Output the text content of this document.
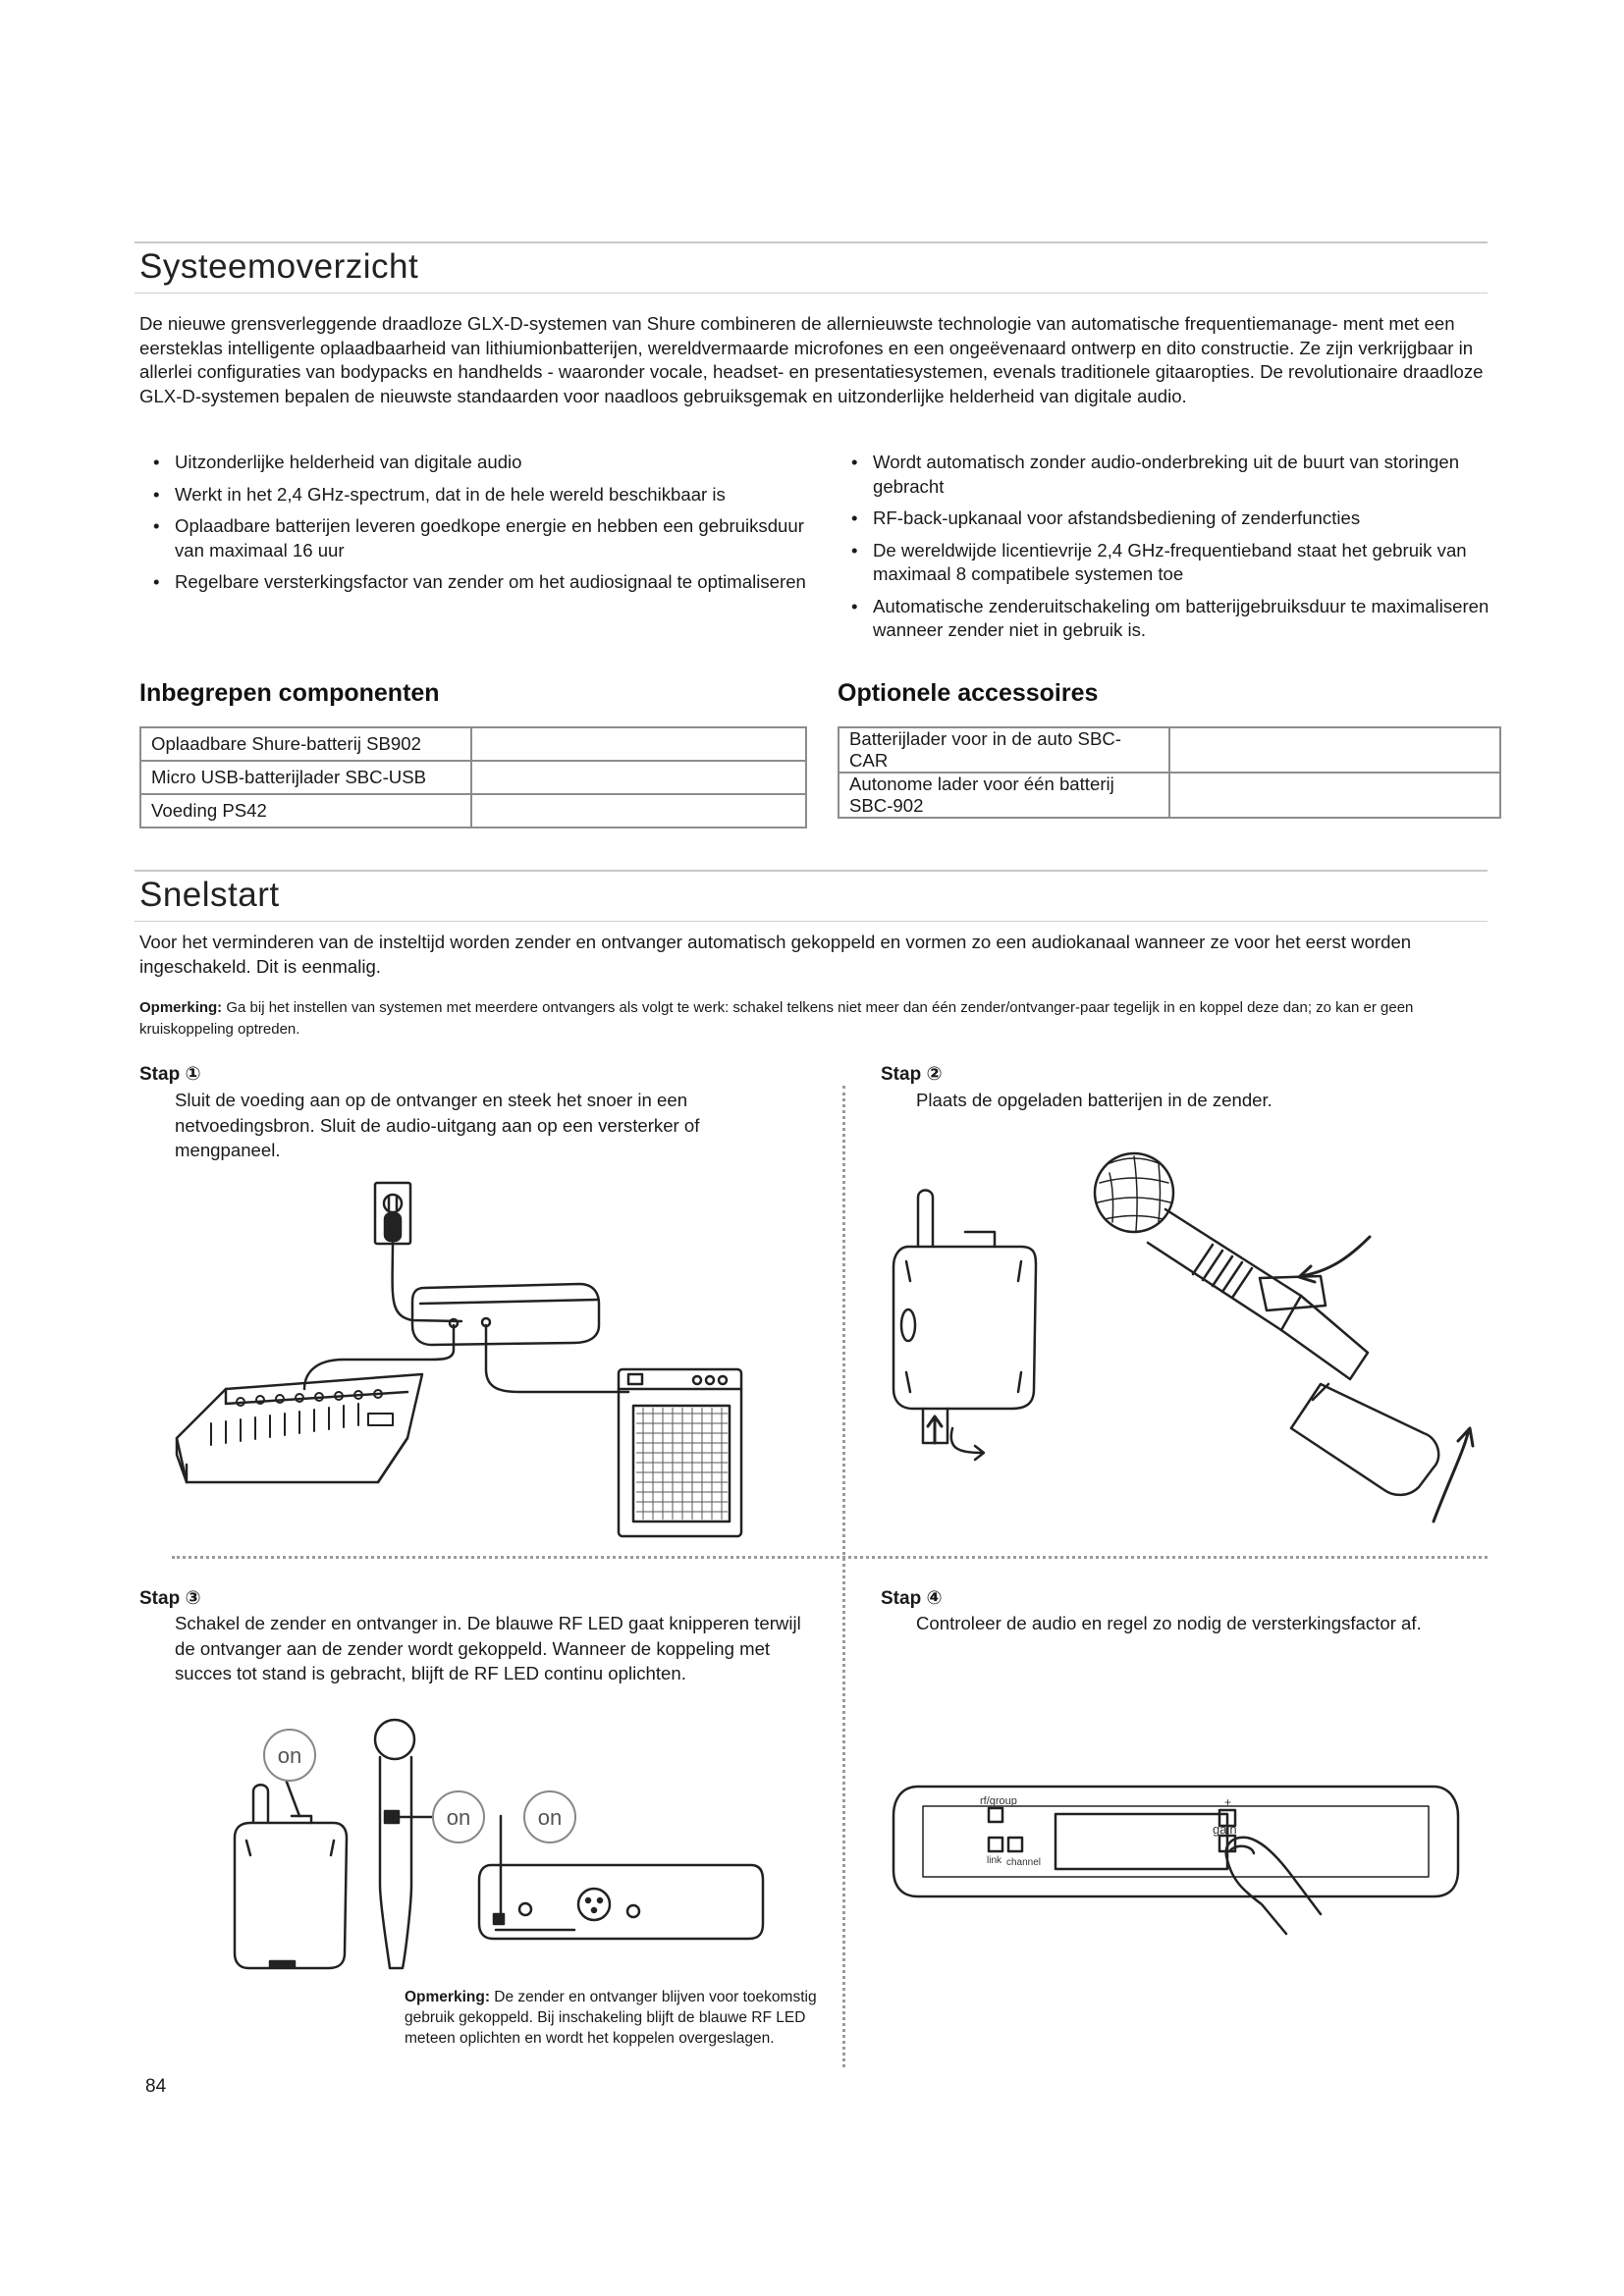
Systeemoverzicht
De nieuwe grensverleggende draadloze GLX-D-systemen van Shure combineren de allernieuwste technologie van automatische frequentiemanage- ment met een eersteklas intelligente oplaadbaarheid van lithiumionbatterijen, wereldvermaarde microfones en een ongeëvenaard ontwerp en dito constructie. Ze zijn verkrijgbaar in allerlei configuraties van bodypacks en handhelds - waaronder vocale, headset- en presentatiesystemen, evenals traditionele gitaaropties. De revolutionaire draadloze GLX-D-systemen bepalen de nieuwste standaarden voor naadloos gebruiksgemak en uitzonderlijke helderheid van digitale audio.
• Uitzonderlijke helderheid van digitale audio
• Werkt in het 2,4 GHz-spectrum, dat in de hele wereld beschikbaar is
• Oplaadbare batterijen leveren goedkope energie en hebben een gebruiksduur van maximaal 16 uur
• Regelbare versterkingsfactor van zender om het audiosignaal te optimaliseren
• Wordt automatisch zonder audio-onderbreking uit de buurt van storingen gebracht
• RF-back-upkanaal voor afstandsbediening of zenderfuncties
• De wereldwijde licentievrije 2,4 GHz-frequentieband staat het gebruik van maximaal 8 compatibele systemen toe
• Automatische zenderuitschakeling om batterijgebruiksduur te maximaliseren wanneer zender niet in gebruik is.
Inbegrepen componenten
Oplaadbare Shure-batterij SB902	
Micro USB-batterijlader SBC-USB	
Voeding PS42	
Optionele accessoires
Batterijlader voor in de auto SBC-CAR	
Autonome lader voor één batterij SBC-902	
Snelstart
Voor het verminderen van de insteltijd worden zender en ontvanger automatisch gekoppeld en vormen zo een audiokanaal wanneer ze voor het eerst worden ingeschakeld. Dit is eenmalig.
Opmerking: Ga bij het instellen van systemen met meerdere ontvangers als volgt te werk: schakel telkens niet meer dan één zender/ontvanger-paar tegelijk in en koppel deze dan; zo kan er geen kruiskoppeling optreden.
Stap ①
Sluit de voeding aan op de ontvanger en steek het snoer in een netvoedingsbron. Sluit de audio-uitgang aan op een versterker of mengpaneel.
Stap ②
Plaats de opgeladen batterijen in de zender.
Stap ③
Schakel de zender en ontvanger in. De blauwe RF LED gaat knipperen terwijl de ontvanger aan de zender wordt gekoppeld. Wanneer de koppeling met succes tot stand is gebracht, blijft de RF LED continu oplichten.
on
on	on
Opmerking: De zender en ontvanger blijven voor toekomstig gebruik gekoppeld. Bij inschakeling blijft de blauwe RF LED meteen oplichten en wordt het koppelen overgeslagen.
Stap ④
Controleer de audio en regel zo nodig de versterkingsfactor af.
rf/group	+
gain
link channel
84
